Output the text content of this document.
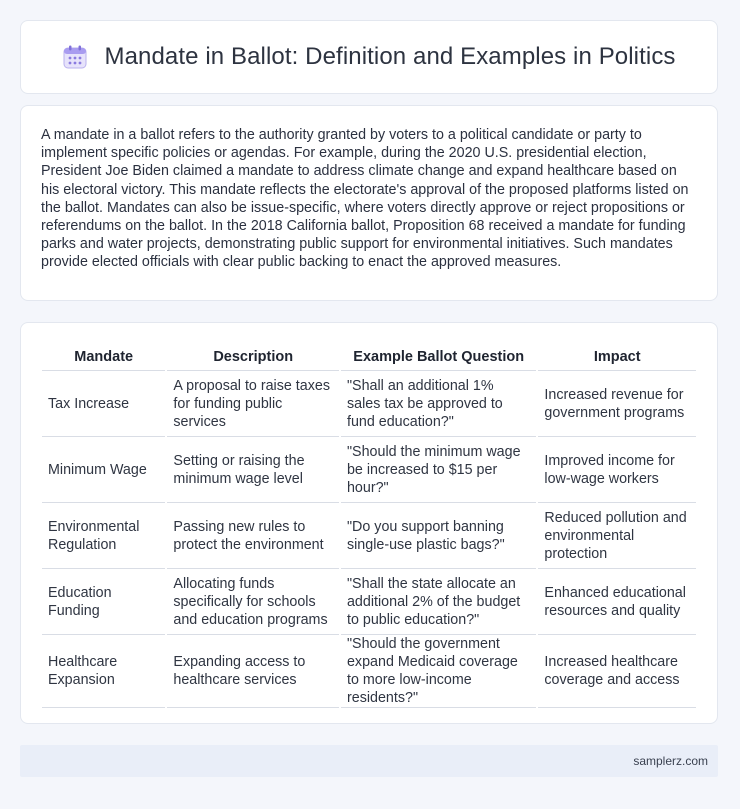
Mandate in Ballot: Definition and Examples in Politics

A mandate in a ballot refers to the authority granted by voters to a political candidate or party to implement specific policies or agendas. For example, during the 2020 U.S. presidential election, President Joe Biden claimed a mandate to address climate change and expand healthcare based on his electoral victory. This mandate reflects the electorate's approval of the proposed platforms listed on the ballot. Mandates can also be issue-specific, where voters directly approve or reject propositions or referendums on the ballot. In the 2018 California ballot, Proposition 68 received a mandate for funding parks and water projects, demonstrating public support for environmental initiatives. Such mandates provide elected officials with clear public backing to enact the approved measures.

Mandate	Description	Example Ballot Question	Impact
Tax Increase	A proposal to raise taxes for funding public services	"Shall an additional 1% sales tax be approved to fund education?"	Increased revenue for government programs
Minimum Wage	Setting or raising the minimum wage level	"Should the minimum wage be increased to $15 per hour?"	Improved income for low-wage workers
Environmental Regulation	Passing new rules to protect the environment	"Do you support banning single-use plastic bags?"	Reduced pollution and environmental protection
Education Funding	Allocating funds specifically for schools and education programs	"Shall the state allocate an additional 2% of the budget to public education?"	Enhanced educational resources and quality
Healthcare Expansion	Expanding access to healthcare services	"Should the government expand Medicaid coverage to more low-income residents?"	Increased healthcare coverage and access
samplerz.com
